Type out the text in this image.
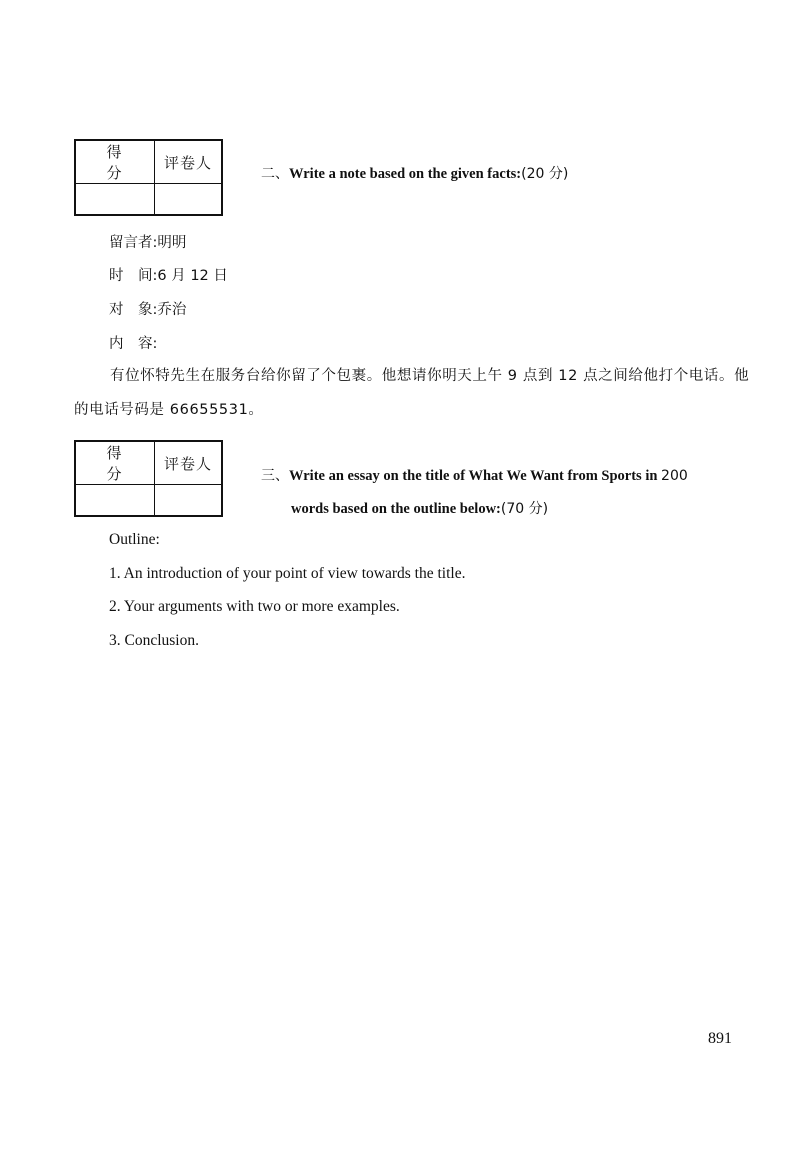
得 分	评卷人

二、Write a note based on the given facts:(20 分)
留言者:明明
时　间:6 月 12 日
对　象:乔治
内　容:
有位怀特先生在服务台给你留了个包裹。他想请你明天上午 9 点到 12 点之间给他打个电话。他的电话号码是 66655531。
得 分	评卷人

三、Write an essay on the title of What We Want from Sports in 200
words based on the outline below:(70 分)
Outline:
1. An introduction of your point of view towards the title.
2. Your arguments with two or more examples.
3. Conclusion.
891
